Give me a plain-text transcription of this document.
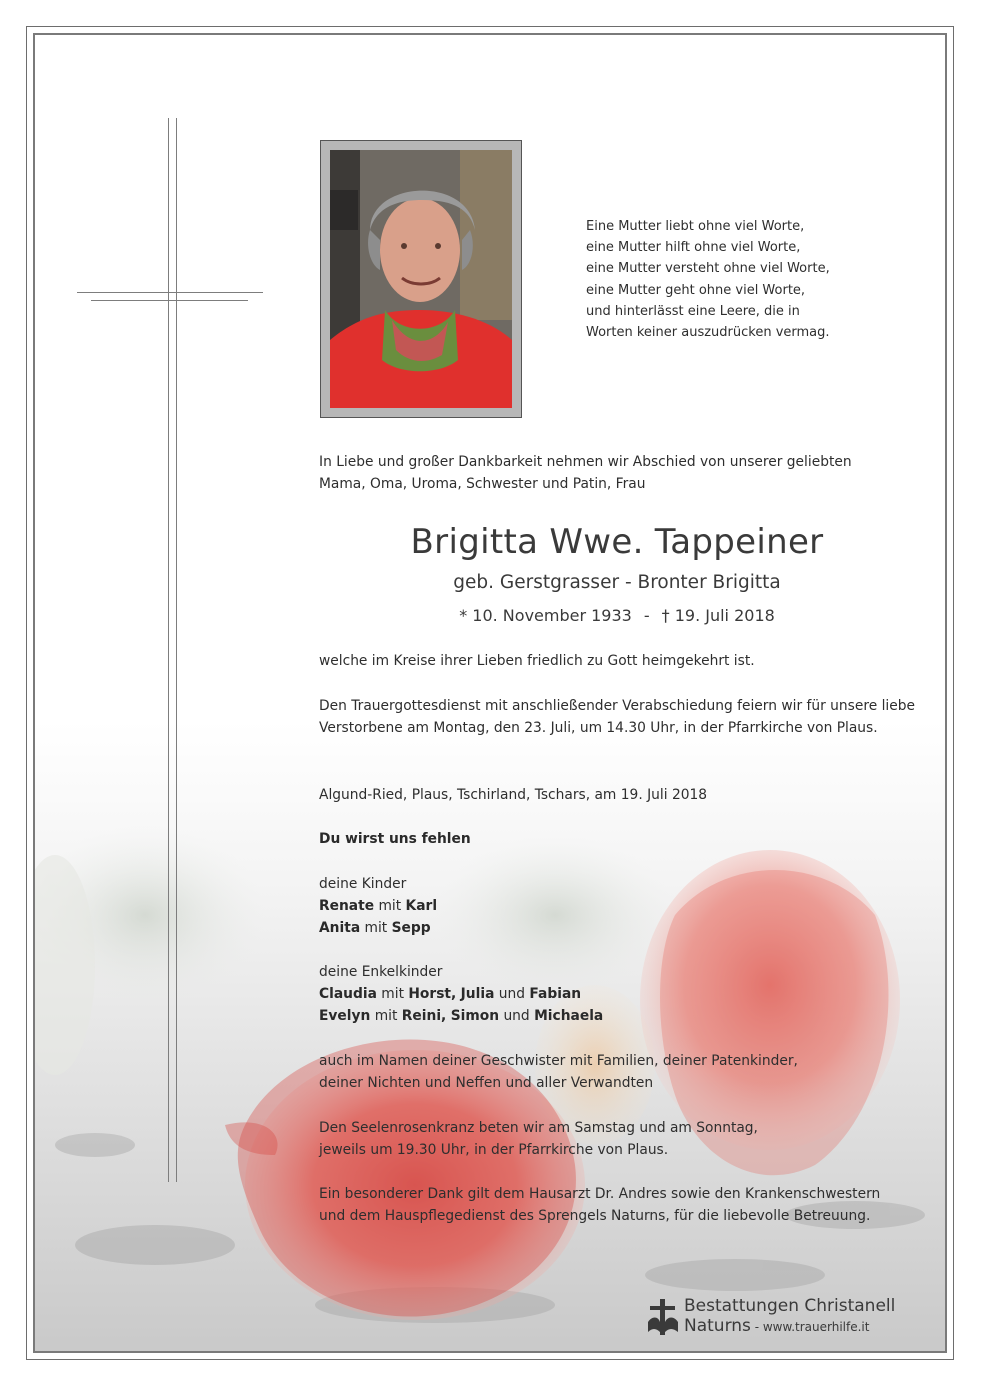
Eine Mutter liebt ohne viel Worte,
eine Mutter hilft ohne viel Worte,
eine Mutter versteht ohne viel Worte,
eine Mutter geht ohne viel Worte,
und hinterlässt eine Leere, die in
Worten keiner auszudrücken vermag.
In Liebe und großer Dankbarkeit nehmen wir Abschied von unserer geliebten
Mama, Oma, Uroma, Schwester und Patin, Frau
Brigitta Wwe. Tappeiner
geb. Gerstgrasser - Bronter Brigitta
* 10. November 1933 - † 19. Juli 2018
welche im Kreise ihrer Lieben friedlich zu Gott heimgekehrt ist.
Den Trauergottesdienst mit anschließender Verabschiedung feiern wir für unsere liebe Verstorbene am Montag, den 23. Juli, um 14.30 Uhr, in der Pfarrkirche von Plaus.
Algund-Ried, Plaus, Tschirland, Tschars, am 19. Juli 2018
Du wirst uns fehlen
deine Kinder
Renate mit Karl
Anita mit Sepp
deine Enkelkinder
Claudia mit Horst, Julia und Fabian
Evelyn mit Reini, Simon und Michaela
auch im Namen deiner Geschwister mit Familien, deiner Patenkinder,
deiner Nichten und Neffen und aller Verwandten
Den Seelenrosenkranz beten wir am Samstag und am Sonntag,
jeweils um 19.30 Uhr, in der Pfarrkirche von Plaus.
Ein besonderer Dank gilt dem Hausarzt Dr. Andres sowie den Krankenschwestern
und dem Hauspflegedienst des Sprengels Naturns, für die liebevolle Betreuung.
Bestattungen Christanell
Naturns - www.trauerhilfe.it
